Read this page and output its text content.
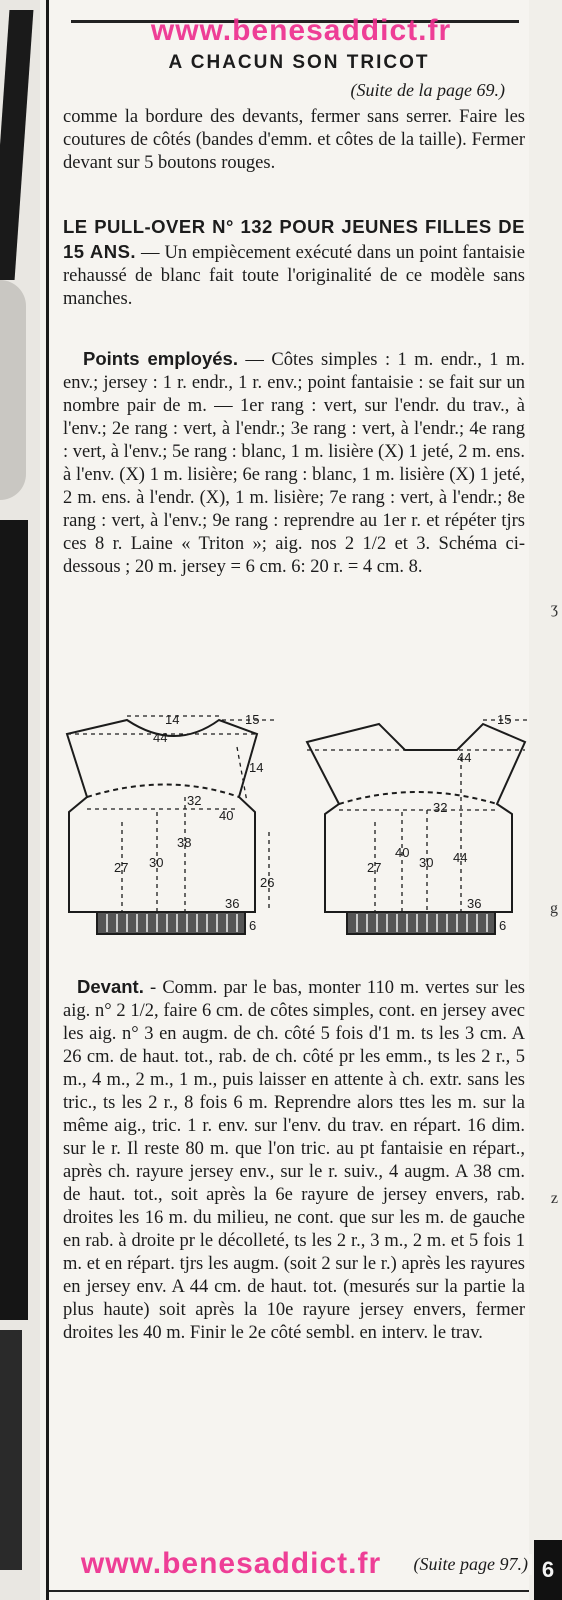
ʒ
g
z
6
www.benesaddict.fr
A CHACUN SON TRICOT
(Suite de la page 69.)

comme la bordure des devants, fermer sans serrer. Faire les coutures de côtés (bandes d'emm. et côtes de la taille). Fermer devant sur 5 boutons rouges.

LE PULL-OVER N° 132 POUR JEUNES FILLES DE 15 ANS. — Un empiècement exécuté dans un point fantaisie rehaussé de blanc fait toute l'originalité de ce modèle sans manches.

Points employés. — Côtes simples : 1 m. endr., 1 m. env.; jersey : 1 r. endr., 1 r. env.; point fantaisie : se fait sur un nombre pair de m. — 1er rang : vert, sur l'endr. du trav., à l'env.; 2e rang : vert, à l'endr.; 3e rang : vert, à l'endr.; 4e rang : vert, à l'env.; 5e rang : blanc, 1 m. lisière (X) 1 jeté, 2 m. ens. à l'env. (X) 1 m. lisière; 6e rang : blanc, 1 m. lisière (X) 1 jeté, 2 m. ens. à l'endr. (X), 1 m. lisière; 7e rang : vert, à l'endr.; 8e rang : vert, à l'env.; 9e rang : reprendre au 1er r. et répéter tjrs ces 8 r. Laine « Triton »; aig. nos 2 1/2 et 3. Schéma ci-dessous ; 20 m. jersey = 6 cm. 6: 20 r. = 4 cm. 8.

14
44
15
14
32
40
27 30
38
26
36
6
15
44
32
27
40
30 44
36
6

Devant. - Comm. par le bas, monter 110 m. vertes sur les aig. n° 2 1/2, faire 6 cm. de côtes simples, cont. en jersey avec les aig. n° 3 en augm. de ch. côté 5 fois d'1 m. ts les 3 cm. A 26 cm. de haut. tot., rab. de ch. côté pr les emm., ts les 2 r., 5 m., 4 m., 2 m., 1 m., puis laisser en attente à ch. extr. sans les tric., ts les 2 r., 8 fois 6 m. Reprendre alors ttes les m. sur la même aig., tric. 1 r. env. sur l'env. du trav. en répart. 16 dim. sur le r. Il reste 80 m. que l'on tric. au pt fantaisie en répart., après ch. rayure jersey env., sur le r. suiv., 4 augm. A 38 cm. de haut. tot., soit après la 6e rayure de jersey envers, rab. droites les 16 m. du milieu, ne cont. que sur les m. de gauche en rab. à droite pr le décolleté, ts les 2 r., 3 m., 2 m. et 5 fois 1 m. et en répart. tjrs les augm. (soit 2 sur le r.) après les rayures en jersey env. A 44 cm. de haut. tot. (mesurés sur la partie la plus haute) soit après la 10e rayure jersey envers, fermer droites les 40 m. Finir le 2e côté sembl. en interv. le trav.

(Suite page 97.)
www.benesaddict.fr
